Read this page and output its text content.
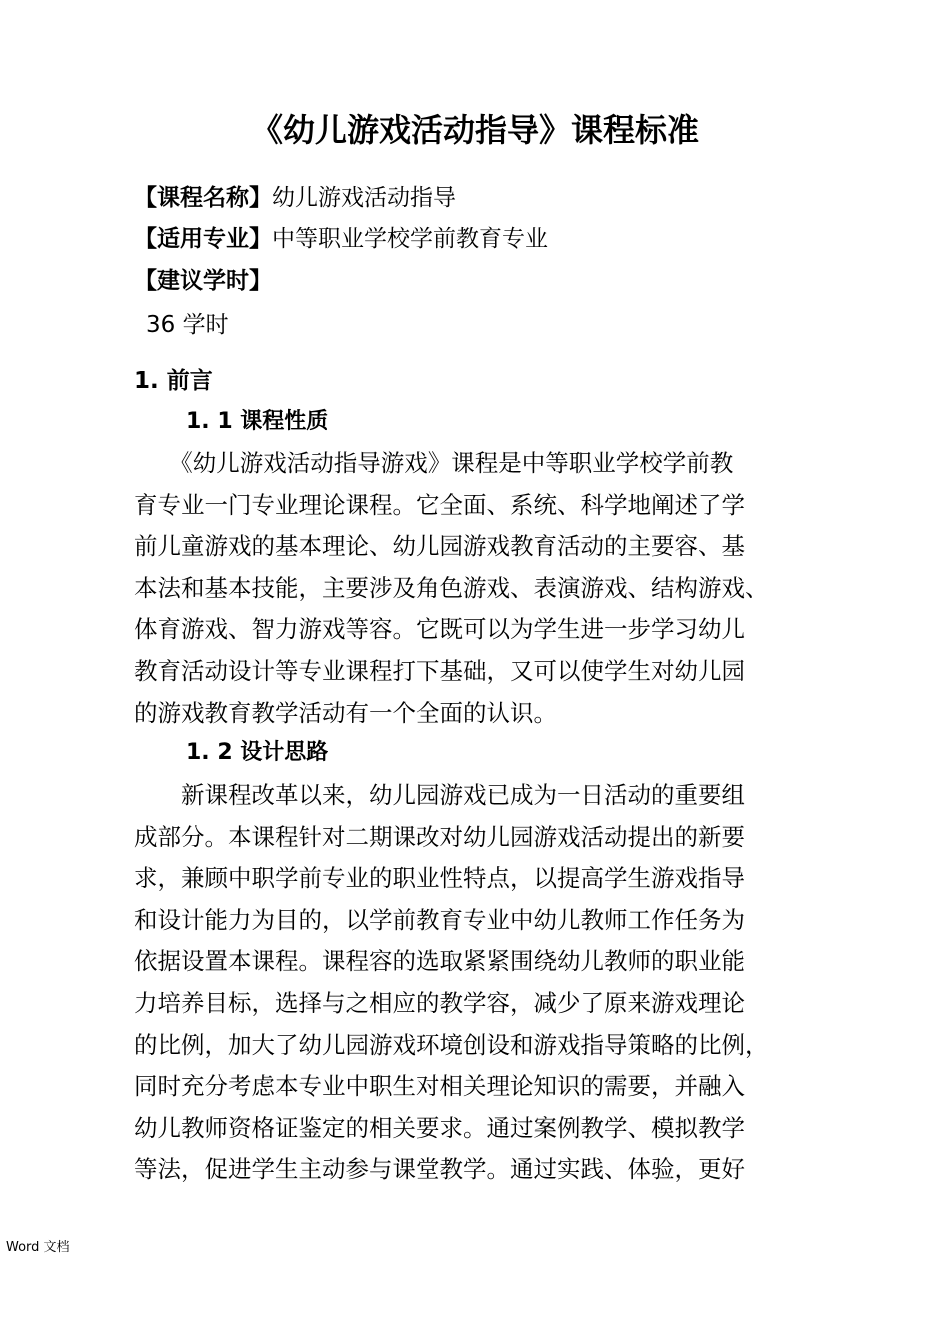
《幼儿游戏活动指导》课程标准
【课程名称】幼儿游戏活动指导
【适用专业】中等职业学校学前教育专业
【建议学时】
36 学时
1. 前言
1. 1 课程性质
　　《幼儿游戏活动指导游戏》课程是中等职业学校学前教
育专业一门专业理论课程。它全面、系统、科学地阐述了学
前儿童游戏的基本理论、幼儿园游戏教育活动的主要容、基
本法和基本技能，主要涉及角色游戏、表演游戏、结构游戏、
体育游戏、智力游戏等容。它既可以为学生进一步学习幼儿
教育活动设计等专业课程打下基础，又可以使学生对幼儿园
的游戏教育教学活动有一个全面的认识。
1. 2 设计思路
　　新课程改革以来，幼儿园游戏已成为一日活动的重要组
成部分。本课程针对二期课改对幼儿园游戏活动提出的新要
求，兼顾中职学前专业的职业性特点，以提高学生游戏指导
和设计能力为目的，以学前教育专业中幼儿教师工作任务为
依据设置本课程。课程容的选取紧紧围绕幼儿教师的职业能
力培养目标，选择与之相应的教学容，减少了原来游戏理论
的比例，加大了幼儿园游戏环境创设和游戏指导策略的比例，
同时充分考虑本专业中职生对相关理论知识的需要，并融入
幼儿教师资格证鉴定的相关要求。通过案例教学、模拟教学
等法，促进学生主动参与课堂教学。通过实践、体验，更好
Word 文档
